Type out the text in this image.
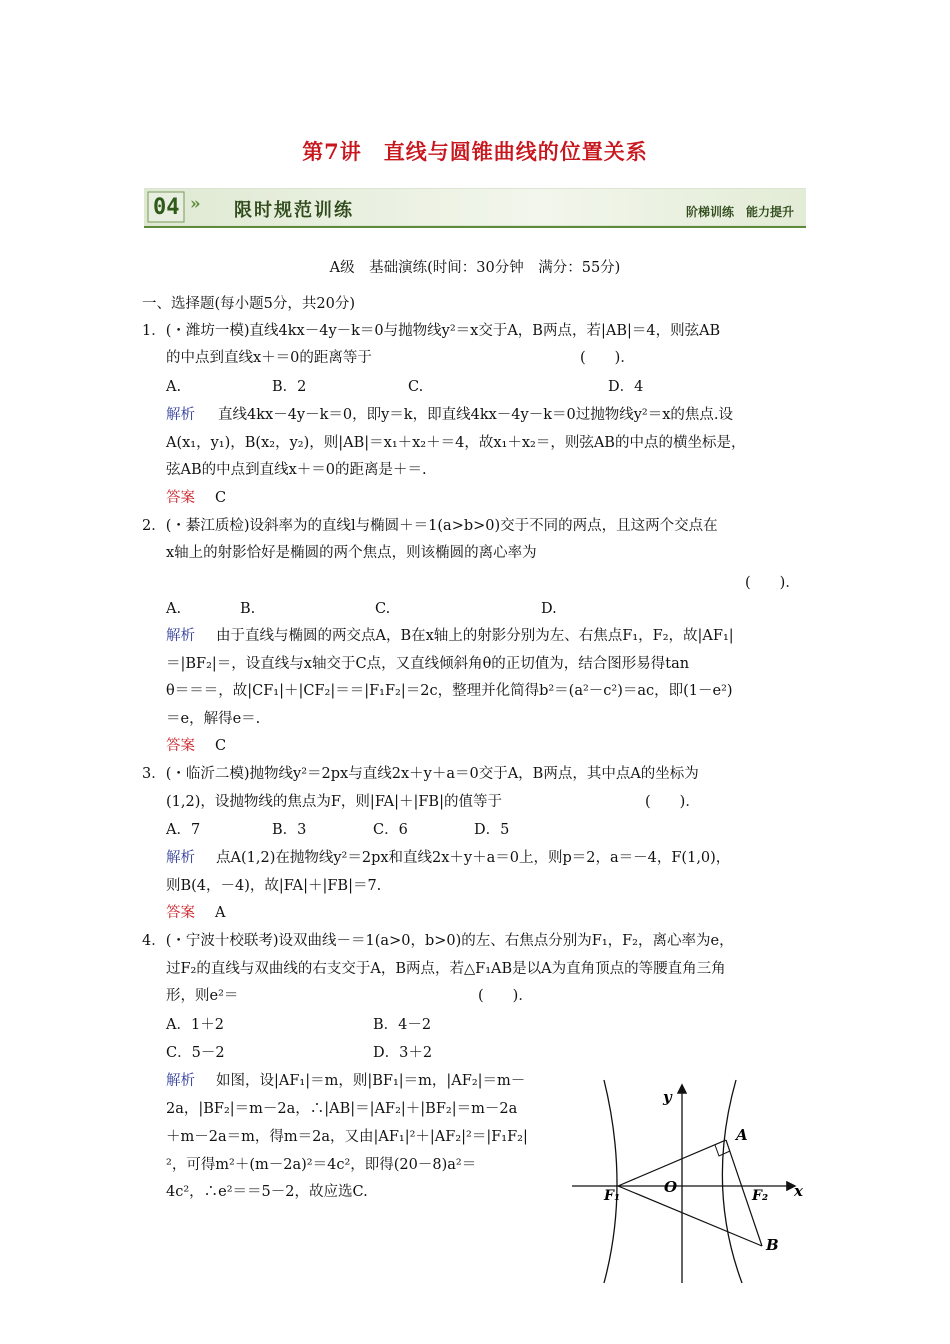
第7讲　直线与圆锥曲线的位置关系
04 » 限时规范训练	阶梯训练　能力提升
A级　基础演练(时间：30分钟　满分：55分)
一、选择题(每小题5分，共20分)
1．(・潍坊一模)直线4kx－4y－k＝0与抛物线y²＝x交于A，B两点，若|AB|＝4，则弦AB
的中点到直线x＋＝0的距离等于	(　　)．
A.	B．2	C.	D．4
解析 直线4kx－4y－k＝0，即y＝k，即直线4kx－4y－k＝0过抛物线y²＝x的焦点.设
A(x₁，y₁)，B(x₂，y₂)，则|AB|＝x₁＋x₂＋＝4，故x₁＋x₂＝，则弦AB的中点的横坐标是，
弦AB的中点到直线x＋＝0的距离是＋＝.
答案 C
2．(・綦江质检)设斜率为的直线l与椭圆＋＝1(a>b>0)交于不同的两点，且这两个交点在
x轴上的射影恰好是椭圆的两个焦点，则该椭圆的离心率为
(　　)．
A.	B.	C.	D.
解析 由于直线与椭圆的两交点A，B在x轴上的射影分别为左、右焦点F₁，F₂，故|AF₁|
＝|BF₂|＝，设直线与x轴交于C点，又直线倾斜角θ的正切值为，结合图形易得tan
θ＝＝＝，故|CF₁|＋|CF₂|＝＝|F₁F₂|＝2c，整理并化简得b²＝(a²－c²)＝ac，即(1－e²)
＝e，解得e＝.
答案 C
3．(・临沂二模)抛物线y²＝2px与直线2x＋y＋a＝0交于A，B两点，其中点A的坐标为
(1,2)，设抛物线的焦点为F，则|FA|＋|FB|的值等于	(　　)．
A．7	B．3	C．6	D．5
解析 点A(1,2)在抛物线y²＝2px和直线2x＋y＋a＝0上，则p＝2，a＝－4，F(1,0)，
则B(4，－4)，故|FA|＋|FB|＝7.
答案 A
4．(・宁波十校联考)设双曲线－＝1(a>0，b>0)的左、右焦点分别为F₁，F₂，离心率为e，
过F₂的直线与双曲线的右支交于A，B两点，若△F₁AB是以A为直角顶点的等腰直角三角
形，则e²＝	(　　)．
A．1＋2	B．4－2
C．5－2	D．3＋2
解析 如图，设|AF₁|＝m，则|BF₁|＝m，|AF₂|＝m－
2a，|BF₂|＝m－2a，∴|AB|＝|AF₂|＋|BF₂|＝m－2a
＋m－2a＝m，得m＝2a，又由|AF₁|²＋|AF₂|²＝|F₁F₂|
²，可得m²＋(m－2a)²＝4c²，即得(20－8)a²＝
4c²，∴e²＝＝5－2，故应选C.
y
x
O
A
B
F₁	F₂
